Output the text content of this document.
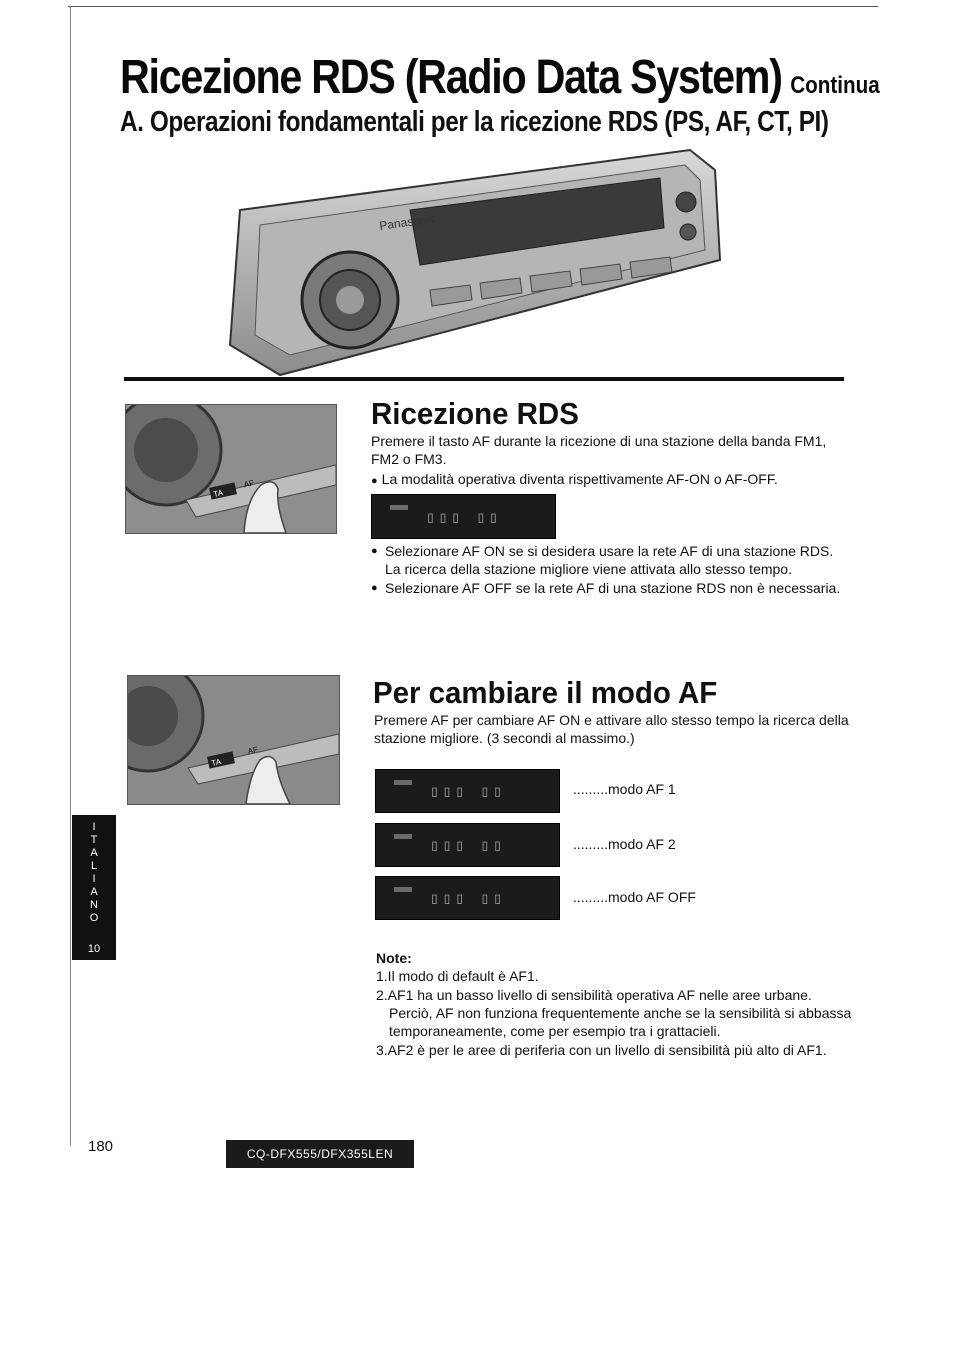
Ricezione RDS (Radio Data System) Continua
A. Operazioni fondamentali per la ricezione RDS (PS, AF, CT, PI)
Panasonic
TA
AF
Ricezione RDS
Premere il tasto AF durante la ricezione di una stazione della banda FM1, FM2 o FM3.
● La modalità operativa diventa rispettivamente AF-ON o AF-OFF.
▯▯▯ ▯▯
● Selezionare AF ON se si desidera usare la rete AF di una stazione RDS. La ricerca della stazione migliore viene attivata allo stesso tempo.
● Selezionare AF OFF se la rete AF di una stazione RDS non è necessaria.
TA
AF
Per cambiare il modo AF
Premere AF per cambiare AF ON e attivare allo stesso tempo la ricerca della stazione migliore. (3 secondi al massimo.)
▯▯▯ ▯▯	.........modo AF 1
▯▯▯ ▯▯	.........modo AF 2
▯▯▯ ▯▯	.........modo AF OFF
Note:
1.Il modo di default è AF1.
2.AF1 ha un basso livello di sensibilità operativa AF nelle aree urbane. Perciò, AF non funziona frequentemente anche se la sensibilità si abbassa temporaneamente, come per esempio tra i grattacieli.
3.AF2 è per le aree di periferia con un livello di sensibilità più alto di AF1.
I
T
A
L
I
A
N
O
10
180	CQ-DFX555/DFX355LEN
